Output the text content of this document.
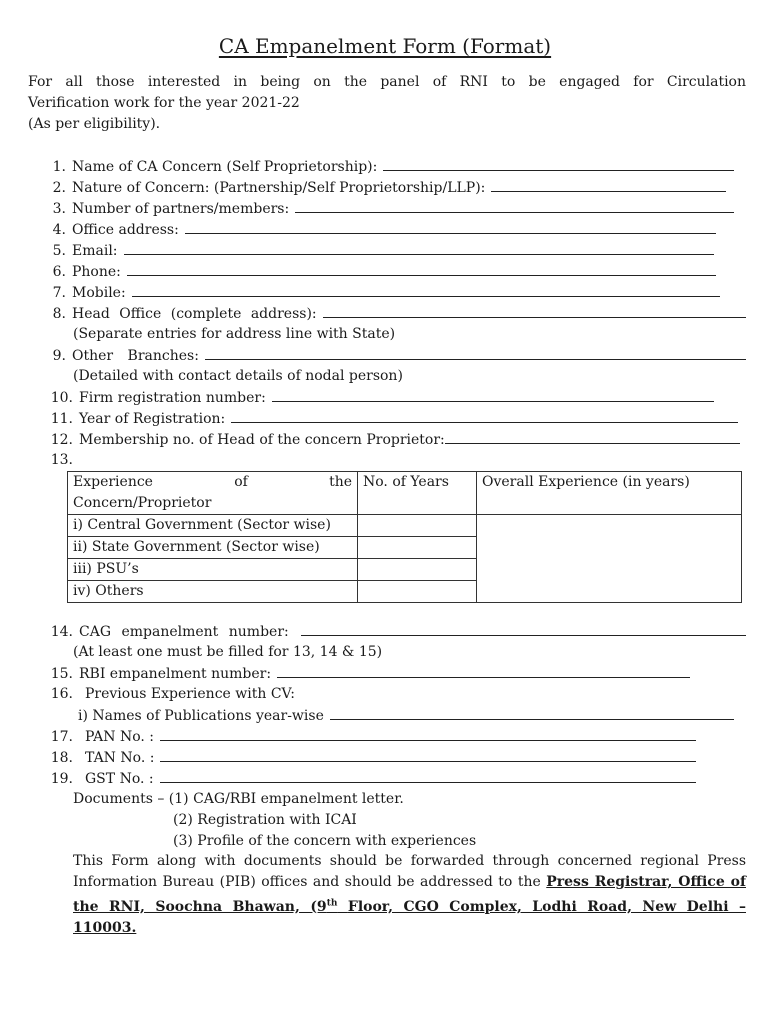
CA Empanelment Form (Format)
For all those interested in being on the panel of RNI to be engaged for Circulation
Verification work for the year 2021-22
(As per eligibility).
1. Name of CA Concern (Self Proprietorship):
2. Nature of Concern: (Partnership/Self Proprietorship/LLP):
3. Number of partners/members:
4. Office address:
5. Email:
6. Phone:
7. Mobile:
8. Head Office (complete address):
(Separate entries for address line with State)
9. Other Branches:
(Detailed with contact details of nodal person)
10. Firm registration number:
11. Year of Registration:
12. Membership no. of Head of the concern Proprietor:
13.
Experience of the
Concern/Proprietor	No. of Years	Overall Experience (in years)
i) Central Government (Sector wise)		
ii) State Government (Sector wise)		
iii) PSU’s		
iv) Others		
14. CAG empanelment number:
(At least one must be filled for 13, 14 & 15)
15. RBI empanelment number:
16. Previous Experience with CV:
i) Names of Publications year-wise
17. PAN No. :
18. TAN No. :
19. GST No. :
Documents – (1) CAG/RBI empanelment letter.
(2) Registration with ICAI
(3) Profile of the concern with experiences
This Form along with documents should be forwarded through concerned regional Press Information Bureau (PIB) offices and should be addressed to the Press Registrar, Office of the RNI, Soochna Bhawan, (9th Floor, CGO Complex, Lodhi Road, New Delhi – 110003.
